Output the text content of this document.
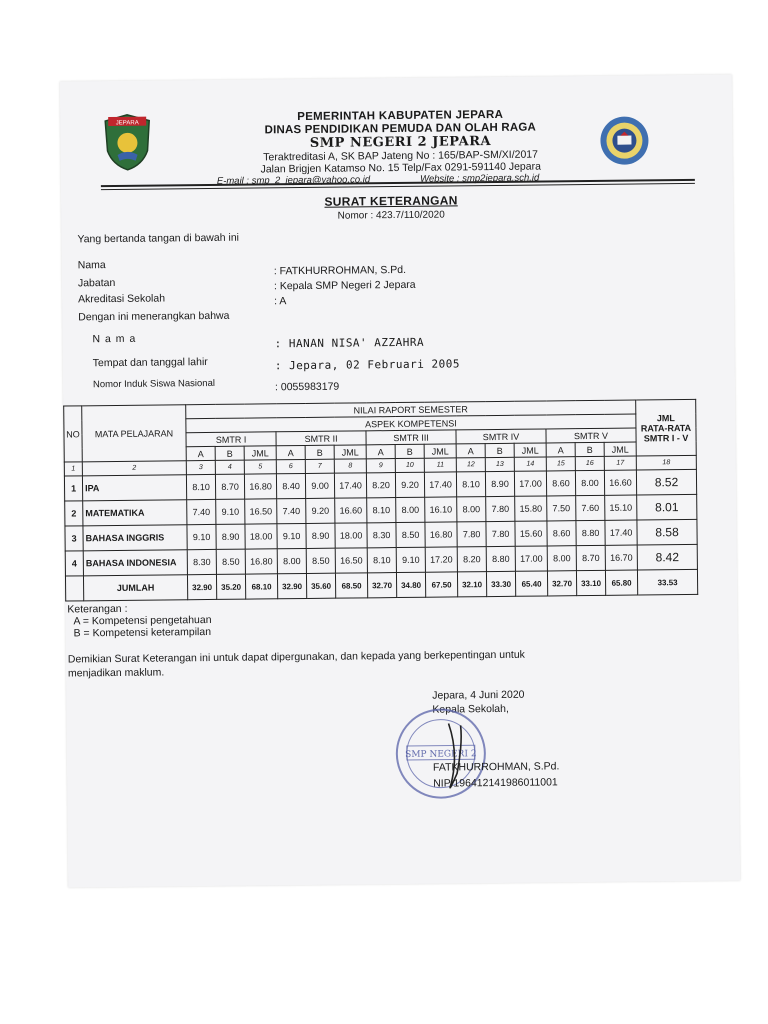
JEPARA
PEMERINTAH KABUPATEN JEPARA
DINAS PENDIDIKAN PEMUDA DAN OLAH RAGA
SMP NEGERI 2 JEPARA
Teraktreditasi A, SK BAP Jateng No : 165/BAP-SM/XI/2017
Jalan Brigjen Katamso No. 15 Telp/Fax 0291-591140 Jepara
E-mail : smp_2_jepara@yahoo.co.id	Website : smp2jepara.sch.id
SURAT KETERANGAN
Nomor : 423.7/110/2020
Yang bertanda tangan di bawah ini
Nama	: FATKHURROHMAN, S.Pd.
Jabatan	: Kepala SMP Negeri 2 Jepara
Akreditasi Sekolah	: A
Dengan ini menerangkan bahwa
N a m a	: HANAN NISA' AZZAHRA
Tempat dan tanggal lahir	: Jepara, 02 Februari 2005
Nomor Induk Siswa Nasional	: 0055983179
NO	MATA PELAJARAN	NILAI RAPORT SEMESTER															JML
RATA-RATA
SMTR I - V

		ASPEK KOMPETENSI															
		SMTR I			SMTR II			SMTR III			SMTR IV			SMTR V			
		A	B	JML	A	B	JML	A	B	JML	A	B	JML	A	B	JML	
1	2	3	4	5	6	7	8	9	10	11	12	13	14	15	16	17	18
1	IPA	8.10	8.70	16.80	8.40	9.00	17.40	8.20	9.20	17.40	8.10	8.90	17.00	8.60	8.00	16.60	8.52
2	MATEMATIKA	7.40	9.10	16.50	7.40	9.20	16.60	8.10	8.00	16.10	8.00	7.80	15.80	7.50	7.60	15.10	8.01
3	BAHASA INGGRIS	9.10	8.90	18.00	9.10	8.90	18.00	8.30	8.50	16.80	7.80	7.80	15.60	8.60	8.80	17.40	8.58
4	BAHASA INDONESIA	8.30	8.50	16.80	8.00	8.50	16.50	8.10	9.10	17.20	8.20	8.80	17.00	8.00	8.70	16.70	8.42
	JUMLAH	32.90	35.20	68.10	32.90	35.60	68.50	32.70	34.80	67.50	32.10	33.30	65.40	32.70	33.10	65.80	33.53
Keterangan :
A = Kompetensi pengetahuan
B = Kompetensi keterampilan
Demikian Surat Keterangan ini untuk dapat dipergunakan, dan kepada yang berkepentingan untuk
menjadikan maklum.
Jepara, 4 Juni 2020
Kepala Sekolah,
SMP NEGERI 2
FATKHURROHMAN, S.Pd.
NIP 196412141986011001
